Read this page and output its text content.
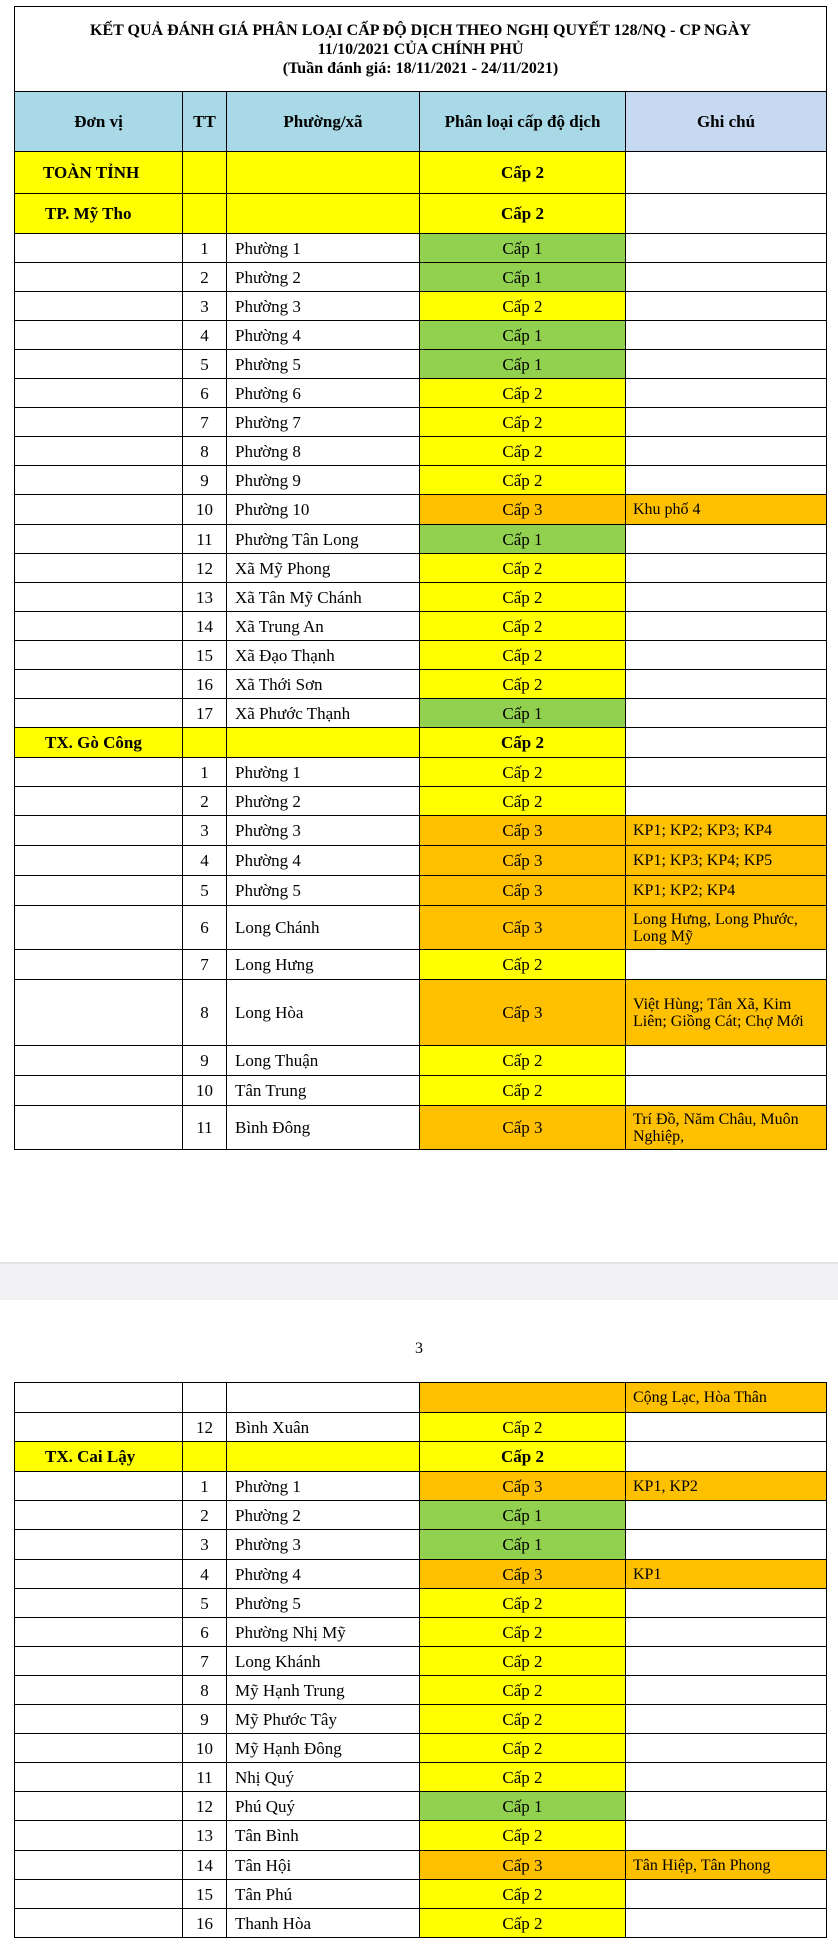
3
KẾT QUẢ ĐÁNH GIÁ PHÂN LOẠI CẤP ĐỘ DỊCH THEO NGHỊ QUYẾT 128/NQ - CP NGÀY
11/10/2021 CỦA CHÍNH PHỦ
(Tuần đánh giá: 18/11/2021 - 24/11/2021)				

Đơn vị	TT	Phường/xã	Phân loại cấp độ dịch	Ghi chú
TOÀN TỈNH			Cấp 2	
TP. Mỹ Tho			Cấp 2	
	1	Phường 1	Cấp 1	
	2	Phường 2	Cấp 1	
	3	Phường 3	Cấp 2	
	4	Phường 4	Cấp 1	
	5	Phường 5	Cấp 1	
	6	Phường 6	Cấp 2	
	7	Phường 7	Cấp 2	
	8	Phường 8	Cấp 2	
	9	Phường 9	Cấp 2	
	10	Phường 10	Cấp 3	Khu phố 4
	11	Phường Tân Long	Cấp 1	
	12	Xã Mỹ Phong	Cấp 2	
	13	Xã Tân Mỹ Chánh	Cấp 2	
	14	Xã Trung An	Cấp 2	
	15	Xã Đạo Thạnh	Cấp 2	
	16	Xã Thới Sơn	Cấp 2	
	17	Xã Phước Thạnh	Cấp 1	
TX. Gò Công			Cấp 2	
	1	Phường 1	Cấp 2	
	2	Phường 2	Cấp 2	
	3	Phường 3	Cấp 3	KP1; KP2; KP3; KP4
	4	Phường 4	Cấp 3	KP1; KP3; KP4; KP5
	5	Phường 5	Cấp 3	KP1; KP2; KP4
	6	Long Chánh	Cấp 3	Long Hưng, Long Phước, Long Mỹ
	7	Long Hưng	Cấp 2	
	8	Long Hòa	Cấp 3	Việt Hùng; Tân Xã, Kim Liên; Giồng Cát; Chợ Mới
	9	Long Thuận	Cấp 2	
	10	Tân Trung	Cấp 2	
	11	Bình Đông	Cấp 3	Trí Đồ, Năm Châu, Muôn Nghiệp,
				Cộng Lạc, Hòa Thân
	12	Bình Xuân	Cấp 2	
TX. Cai Lậy			Cấp 2	
	1	Phường 1	Cấp 3	KP1, KP2
	2	Phường 2	Cấp 1	
	3	Phường 3	Cấp 1	
	4	Phường 4	Cấp 3	KP1
	5	Phường 5	Cấp 2	
	6	Phường Nhị Mỹ	Cấp 2	
	7	Long Khánh	Cấp 2	
	8	Mỹ Hạnh Trung	Cấp 2	
	9	Mỹ Phước Tây	Cấp 2	
	10	Mỹ Hạnh Đông	Cấp 2	
	11	Nhị Quý	Cấp 2	
	12	Phú Quý	Cấp 1	
	13	Tân Bình	Cấp 2	
	14	Tân Hội	Cấp 3	Tân Hiệp, Tân Phong
	15	Tân Phú	Cấp 2	
	16	Thanh Hòa	Cấp 2	
